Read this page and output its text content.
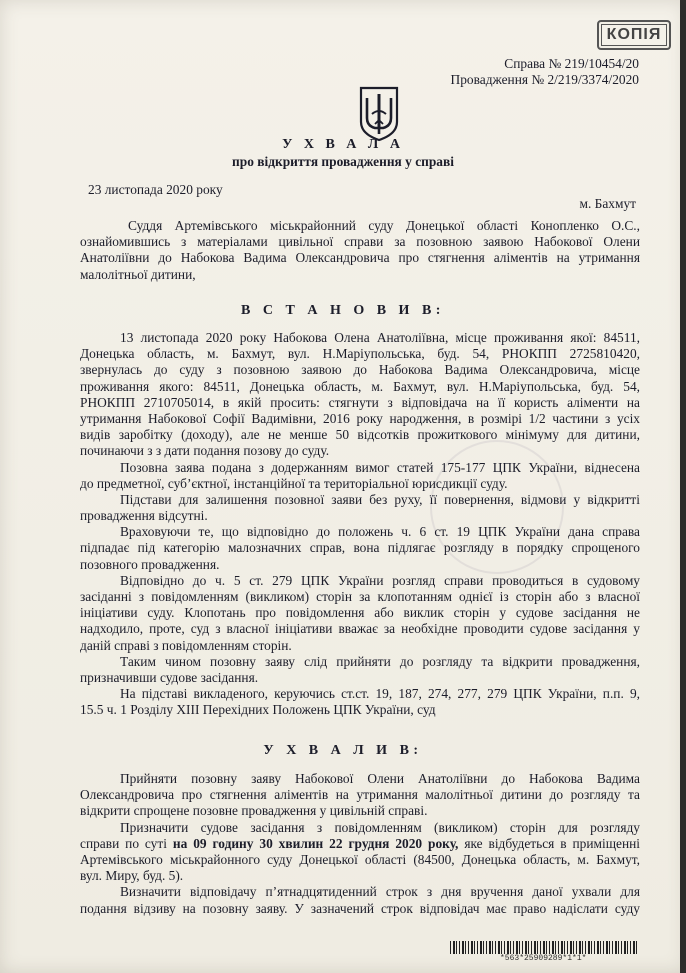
КОПІЯ
Справа № 219/10454/20
Провадження № 2/219/3374/2020
У Х В А Л А
про відкриття провадження у справі
23 листопада 2020 року
м. Бахмут
Суддя Артемівського міськрайонний суду Донецької області Конопленко О.С.,
ознайомившись з матеріалами цивільної справи за позовною заявою Набокової Олени
Анатоліївни до Набокова Вадима Олександровича про стягнення аліментів на утримання
малолітньої дитини,
В С Т А Н О В И В:
13 листопада 2020 року Набокова Олена Анатоліївна, місце проживання якої: 84511,
Донецька область, м. Бахмут, вул. Н.Маріупольська, буд. 54, РНОКПП 2725810420,
звернулась до суду з позовною заявою до Набокова Вадима Олександровича, місце
проживання якого: 84511, Донецька область, м. Бахмут, вул. Н.Маріупольська, буд. 54,
РНОКПП 2710705014, в якій просить: стягнути з відповідача на її користь аліменти на
утримання Набокової Софії Вадимівни, 2016 року народження, в розмірі 1/2 частини з усіх
видів заробітку (доходу), але не менше 50 відсотків прожиткового мінімуму для дитини,
починаючи з з дати подання позову до суду.
Позовна заява подана з додержанням вимог статей 175-177 ЦПК України, віднесена
до предметної, суб’єктної, інстанційної та територіальної юрисдикції суду.
Підстави для залишення позовної заяви без руху, її повернення, відмови у відкритті
провадження відсутні.
Враховуючи те, що відповідно до положень ч. 6 ст. 19 ЦПК України дана справа
підпадає під категорію малозначних справ, вона підлягає розгляду в порядку спрощеного
позовного провадження.
Відповідно до ч. 5 ст. 279 ЦПК України розгляд справи проводиться в судовому
засіданні з повідомленням (викликом) сторін за клопотанням однієї із сторін або з власної
ініціативи суду. Клопотань про повідомлення або виклик сторін у судове засідання не
надходило, проте, суд з власної ініціативи вважає за необхідне проводити судове засідання у
даній справі з повідомленням сторін.
Таким чином позовну заяву слід прийняти до розгляду та відкрити провадження,
призначивши судове засідання.
На підставі викладеного, керуючись ст.ст. 19, 187, 274, 277, 279 ЦПК України, п.п. 9,
15.5 ч. 1 Розділу ХІІІ Перехідних Положень ЦПК України, суд
У Х В А Л И В:
Прийняти позовну заяву Набокової Олени Анатоліївни до Набокова Вадима
Олександровича про стягнення аліментів на утримання малолітньої дитини до розгляду та
відкрити спрощене позовне провадження у цивільній справі.
Призначити судове засідання з повідомленням (викликом) сторін для розгляду
справи по суті на 09 годину 30 хвилин 22 грудня 2020 року, яке відбудеться в приміщенні
Артемівського міськрайонного суду Донецької області (84500, Донецька область, м. Бахмут,
вул. Миру, буд. 5).
Визначити відповідачу п’ятнадцятиденний строк з дня вручення даної ухвали для
подання відзиву на позовну заяву. У зазначений строк відповідач має право надіслати суду
*563*25909289*1*1*
